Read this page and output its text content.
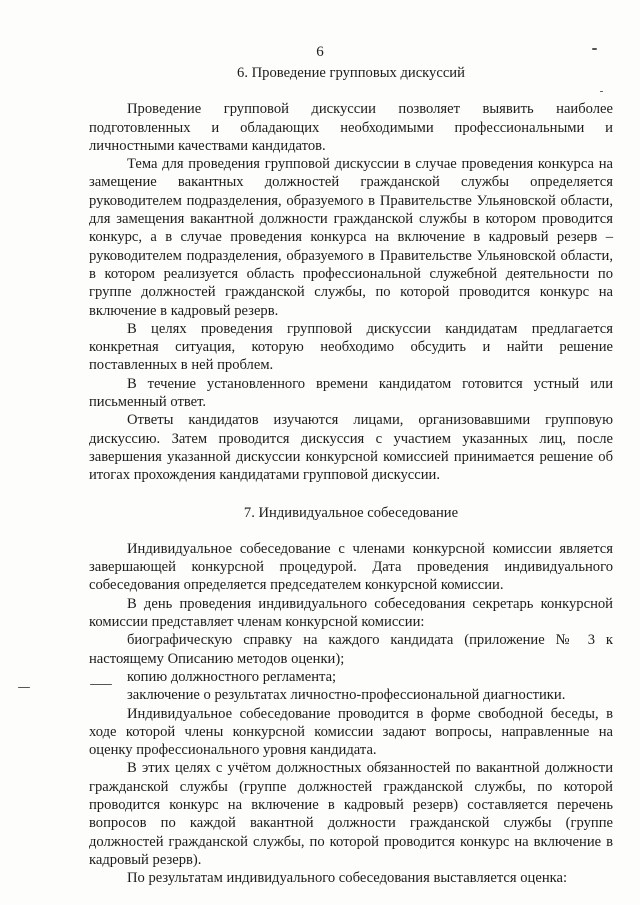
6
6. Проведение групповых дискуссий

Проведение групповой дискуссии позволяет выявить наиболее подготовленных и обладающих необходимыми профессиональными и личностными качествами кандидатов.

Тема для проведения групповой дискуссии в случае проведения конкурса на замещение вакантных должностей гражданской службы определяется руководителем подразделения, образуемого в Правительстве Ульяновской области, для замещения вакантной должности гражданской службы в котором проводится конкурс, а в случае проведения конкурса на включение в кадровый резерв – руководителем подразделения, образуемого в Правительстве Ульяновской области, в котором реализуется область профессиональной служебной деятельности по группе должностей гражданской службы, по которой проводится конкурс на включение в кадровый резерв.

В целях проведения групповой дискуссии кандидатам предлагается конкретная ситуация, которую необходимо обсудить и найти решение поставленных в ней проблем.

В течение установленного времени кандидатом готовится устный или письменный ответ.

Ответы кандидатов изучаются лицами, организовавшими групповую дискуссию. Затем проводится дискуссия с участием указанных лиц, после завершения указанной дискуссии конкурсной комиссией принимается решение об итогах прохождения кандидатами групповой дискуссии.

7. Индивидуальное собеседование

Индивидуальное собеседование с членами конкурсной комиссии является завершающей конкурсной процедурой. Дата проведения индивидуального собеседования определяется председателем конкурсной комиссии.

В день проведения индивидуального собеседования секретарь конкурсной комиссии представляет членам конкурсной комиссии:

биографическую справку на каждого кандидата (приложение № 3 к настоящему Описанию методов оценки);

копию должностного регламента;

заключение о результатах личностно-профессиональной диагностики.

Индивидуальное собеседование проводится в форме свободной беседы, в ходе которой члены конкурсной комиссии задают вопросы, направленные на оценку профессионального уровня кандидата.

В этих целях с учётом должностных обязанностей по вакантной должности гражданской службы (группе должностей гражданской службы, по которой проводится конкурс на включение в кадровый резерв) составляется перечень вопросов по каждой вакантной должности гражданской службы (группе должностей гражданской службы, по которой проводится конкурс на включение в кадровый резерв).

По результатам индивидуального собеседования выставляется оценка:
